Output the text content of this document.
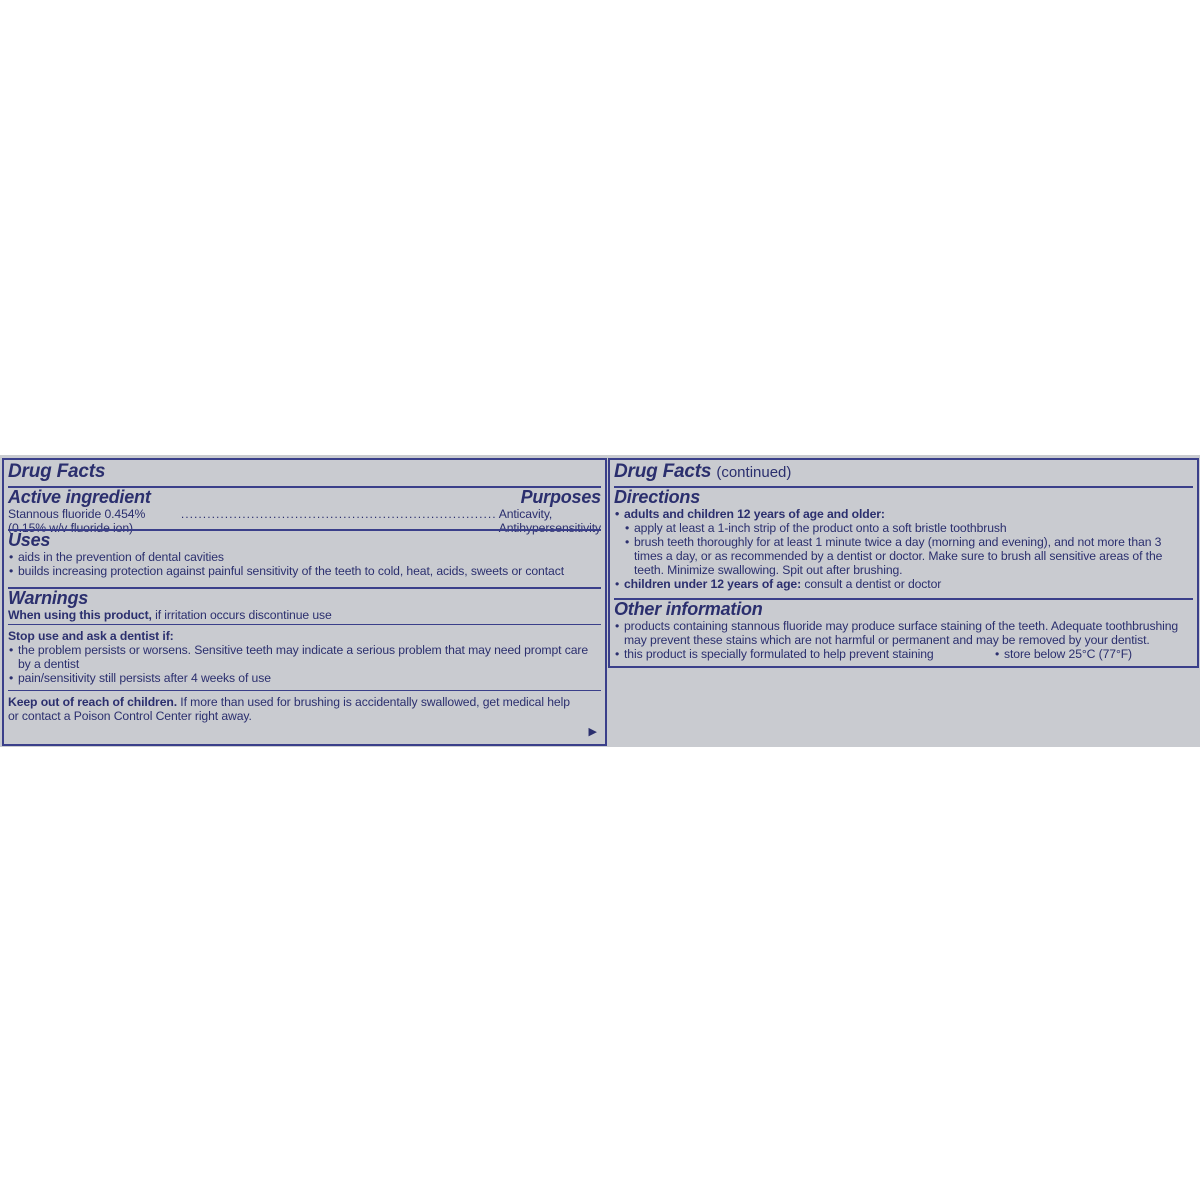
Drug Facts
Active ingredient	Purposes
Stannous fluoride 0.454% (0.15% w/v fluoride ion)
........................................................................ Anticavity, Antihypersensitivity
Uses
• aids in the prevention of dental cavities
• builds increasing protection against painful sensitivity of the teeth to cold, heat, acids, sweets or contact
Warnings
When using this product, if irritation occurs discontinue use
Stop use and ask a dentist if:
• the problem persists or worsens. Sensitive teeth may indicate a serious problem that may need prompt care by a dentist
• pain/sensitivity still persists after 4 weeks of use
Keep out of reach of children. If more than used for brushing is accidentally swallowed, get medical help or contact a Poison Control Center right away.
▶
Drug Facts (continued)
Directions
• adults and children 12 years of age and older:
• apply at least a 1-inch strip of the product onto a soft bristle toothbrush
• brush teeth thoroughly for at least 1 minute twice a day (morning and evening), and not more than 3 times a day, or as recommended by a dentist or doctor. Make sure to brush all sensitive areas of the teeth. Minimize swallowing. Spit out after brushing.
• children under 12 years of age: consult a dentist or doctor
Other information
• products containing stannous fluoride may produce surface staining of the teeth. Adequate toothbrushing may prevent these stains which are not harmful or permanent and may be removed by your dentist.
• this product is specially formulated to help prevent staining
•	store below 25°C (77°F)
